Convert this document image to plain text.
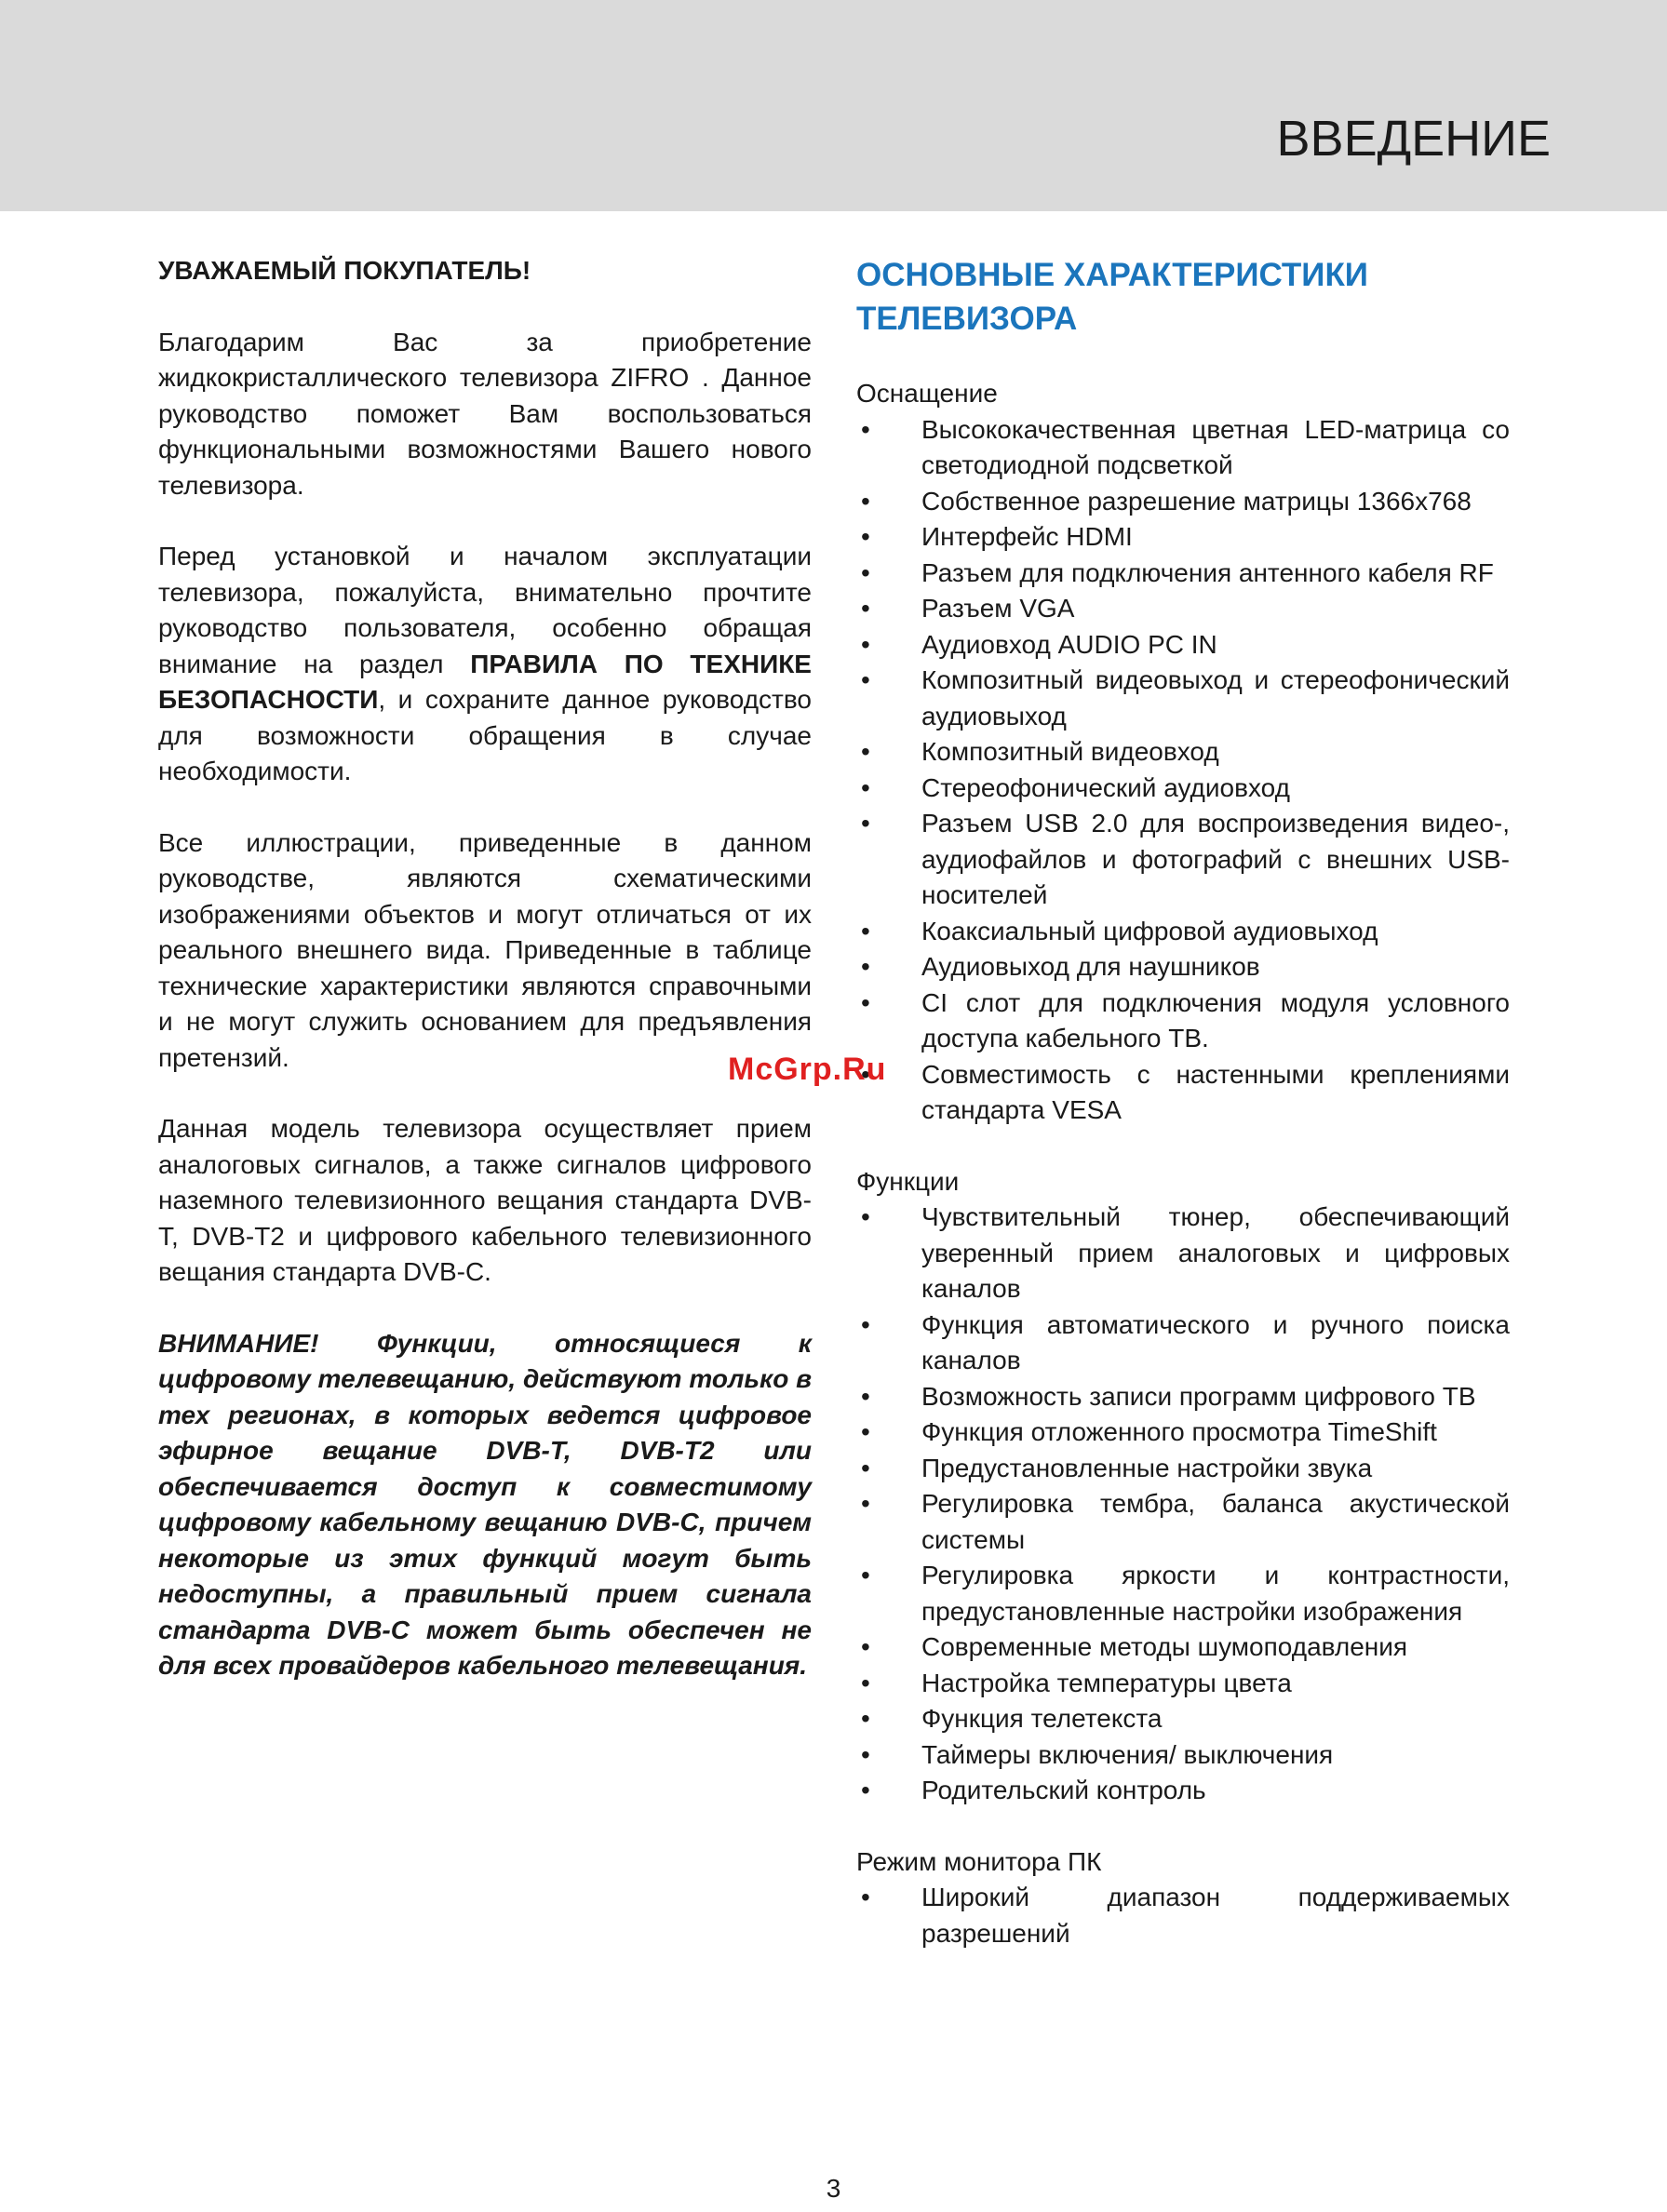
ВВЕДЕНИЕ

УВАЖАЕМЫЙ ПОКУПАТЕЛЬ!

Благодарим Вас за приобретение жидкокристаллического телевизора ZIFRO . Данное руководство поможет Вам воспользоваться функциональными возможностями Вашего нового телевизора.

Перед установкой и началом эксплуатации телевизора, пожалуйста, внимательно прочтите руководство пользователя, особенно обращая внимание на раздел ПРАВИЛА ПО ТЕХНИКЕ БЕЗОПАСНОСТИ, и сохраните данное руководство для возможности обращения в случае необходимости.

Все иллюстрации, приведенные в данном руководстве, являются схематическими изображениями объектов и могут отличаться от их реального внешнего вида. Приведенные в таблице технические характеристики являются справочными и не могут служить основанием для предъявления претензий.

Данная модель телевизора осуществляет прием аналоговых сигналов, а также сигналов цифрового наземного телевизионного вещания стандарта DVB-T, DVB-T2 и цифрового кабельного телевизионного вещания стандарта DVB-C.

ВНИМАНИЕ! Функции, относящиеся к цифровому телевещанию, действуют только в тех регионах, в которых ведется цифровое эфирное вещание DVB-T, DVB-T2 или обеспечивается доступ к совместимому цифровому кабельному вещанию DVB-C, причем некоторые из этих функций могут быть недоступны, а правильный прием сигнала стандарта DVB-C может быть обеспечен не для всех провайдеров кабельного телевещания.

ОСНОВНЫЕ ХАРАКТЕРИСТИКИ ТЕЛЕВИЗОРА
Оснащение
• Высококачественная цветная LED-матрица со светодиодной подсветкой
• Собственное разрешение матрицы 1366х768
• Интерфейс HDMI
• Разъем для подключения антенного кабеля RF
• Разъем VGA
• Аудиовход AUDIO PC IN
• Композитный видеовыход и стереофонический аудиовыход
• Композитный видеовход
• Стереофонический аудиовход
• Разъем USB 2.0 для воспроизведения видео-, аудиофайлов и фотографий с внешних USB-носителей
• Коаксиальный цифровой аудиовыход
• Аудиовыход для наушников
• CI слот для подключения модуля условного доступа кабельного ТВ.
• Совместимость с настенными креплениями стандарта VESA
Функции
• Чувствительный тюнер, обеспечивающий уверенный прием аналоговых и цифровых каналов
• Функция автоматического и ручного поиска каналов
• Возможность записи программ цифрового ТВ
• Функция отложенного просмотра TimeShift
• Предустановленные настройки звука
• Регулировка тембра, баланса акустической системы
• Регулировка яркости и контрастности, предустановленные настройки изображения
• Современные методы шумоподавления
• Настройка температуры цвета
• Функция телетекста
• Таймеры включения/ выключения
• Родительский контроль
Режим монитора ПК
• Широкий диапазон поддерживаемых разрешений
McGrp.Ru
3
